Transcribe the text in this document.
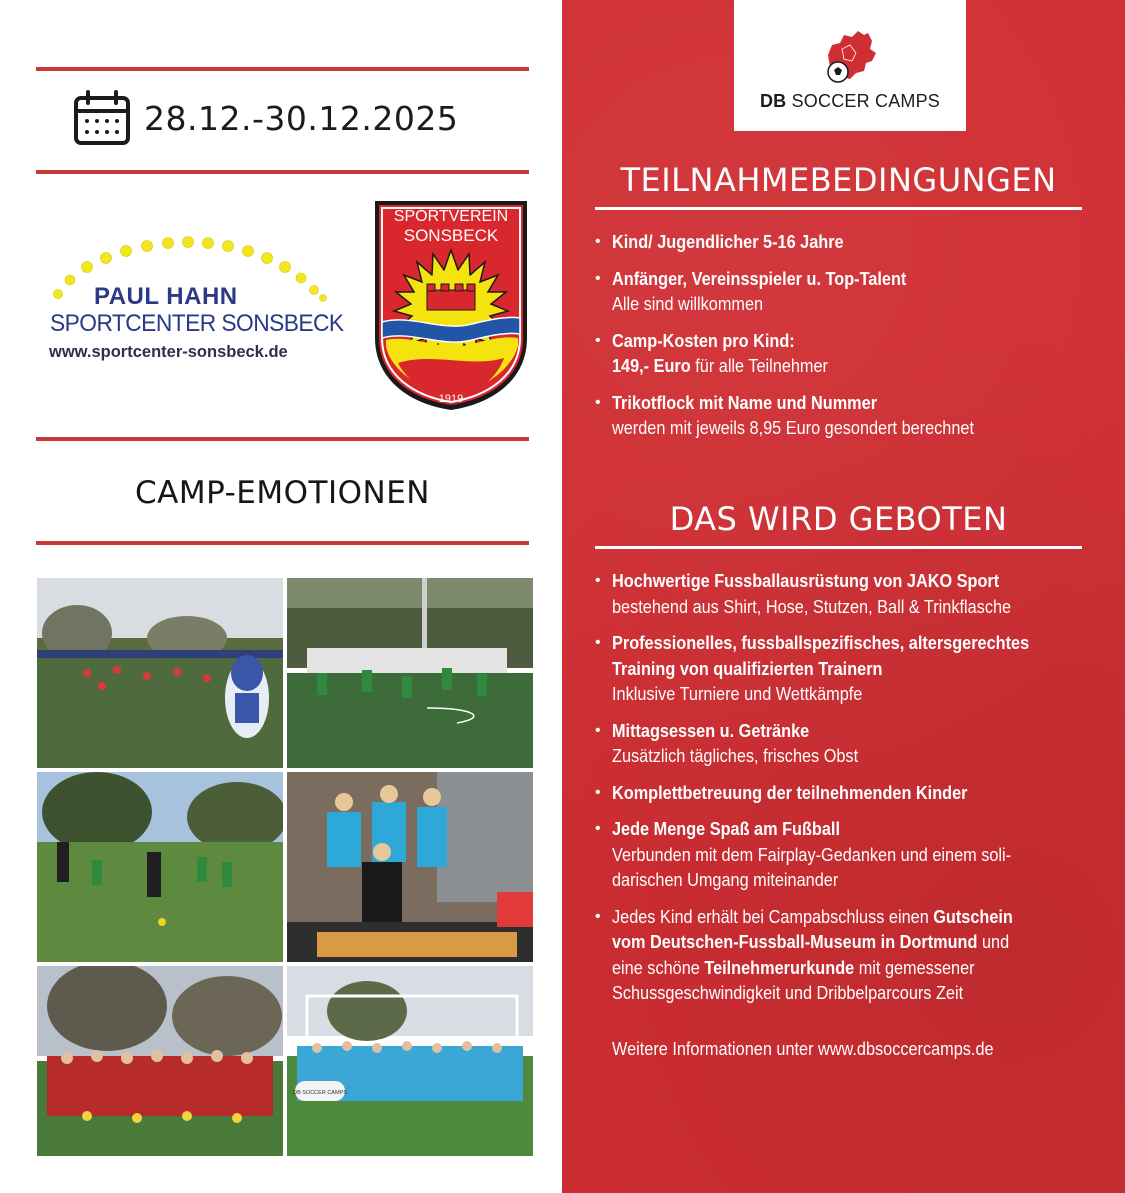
28.12.-30.12.2025
PAUL HAHN
SPORTCENTER SONSBECK
www.sportcenter-sonsbeck.de
SPORTVEREIN
SONSBECK
1919
CAMP-EMOTIONEN
DB SOCCER CAMPS
DB SOCCER CAMPS
TEILNAHMEBEDINGUNGEN
• Kind/ Jugendlicher 5-16 Jahre
• Anfänger, Vereinsspieler u. Top-Talent
Alle sind willkommen
• Camp-Kosten pro Kind:
149,- Euro für alle Teilnehmer
• Trikotflock mit Name und Nummer
werden mit jeweils 8,95 Euro gesondert berechnet
DAS WIRD GEBOTEN
• Hochwertige Fussballausrüstung von JAKO Sport
bestehend aus Shirt, Hose, Stutzen, Ball & Trinkflasche
• Professionelles, fussballspezifisches, altersgerechtes
Training von qualifizierten Trainern
Inklusive Turniere und Wettkämpfe
• Mittagsessen u. Getränke
Zusätzlich tägliches, frisches Obst
• Komplettbetreuung der teilnehmenden Kinder
• Jede Menge Spaß am Fußball
Verbunden mit dem Fairplay-Gedanken und einem soli-
darischen Umgang miteinander
• Jedes Kind erhält bei Campabschluss einen Gutschein
vom Deutschen-Fussball-Museum in Dortmund und
eine schöne Teilnehmerurkunde mit gemessener
Schussgeschwindigkeit und Dribbelparcours Zeit
Weitere Informationen unter www.dbsoccercamps.de
